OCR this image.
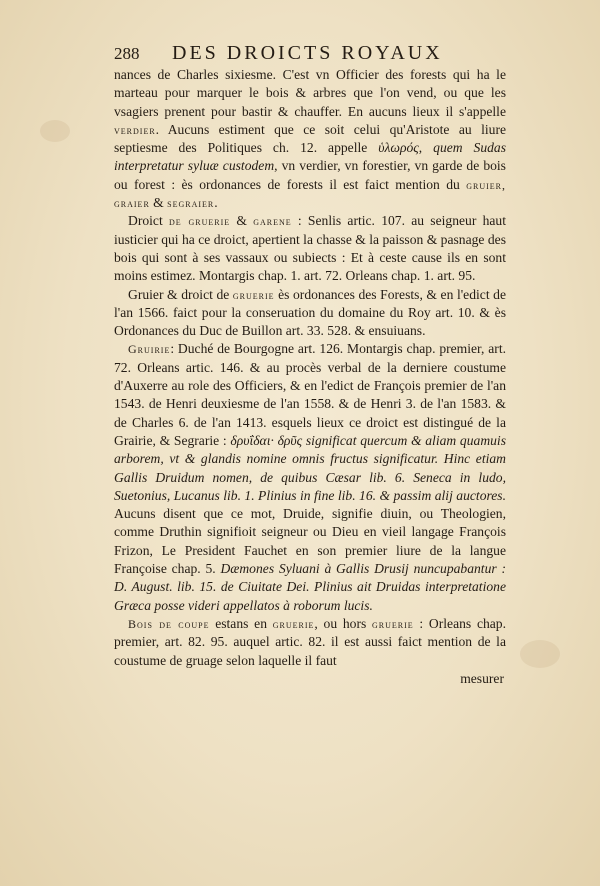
288 DES DROICTS ROYAUX

nances de Charles sixiesme. C'est vn Officier des forests qui ha le marteau pour marquer le bois & arbres que l'on vend, ou que les vsagiers prenent pour bastir & chauffer. En aucuns lieux il s'appelle verdier. Aucuns estiment que ce soit celui qu'Aristote au liure septiesme des Politiques ch. 12. appelle ὑλωρός, quem Sudas interpretatur syluæ custodem, vn verdier, vn forestier, vn garde de bois ou forest : ès ordonances de forests il est faict mention du gruier, graier & segraier.

Droict de gruerie & garene : Senlis artic. 107. au seigneur haut iusticier qui ha ce droict, apertient la chasse & la paisson & pasnage des bois qui sont à ses vassaux ou subiects : Et à ceste cause ils en sont moins estimez. Montargis chap. 1. art. 72. Orleans chap. 1. art. 95.

Gruier & droict de gruerie ès ordonances des Forests, & en l'edict de l'an 1566. faict pour la conseruation du domaine du Roy art. 10. & ès Ordonances du Duc de Buillon art. 33. 528. & ensuiuans.

Gruirie: Duché de Bourgogne art. 126. Montargis chap. premier, art. 72. Orleans artic. 146. & au procès verbal de la derniere coustume d'Auxerre au role des Officiers, & en l'edict de François premier de l'an 1543. de Henri deuxiesme de l'an 1558. & de Henri 3. de l'an 1583. & de Charles 6. de l'an 1413. esquels lieux ce droict est distingué de la Grairie, & Segrarie : δρυΐδαι· δρῦς significat quercum & aliam quamuis arborem, vt & glandis nomine omnis fructus significatur. Hinc etiam Gallis Druidum nomen, de quibus Cæsar lib. 6. Seneca in ludo, Suetonius, Lucanus lib. 1. Plinius in fine lib. 16. & passim alij auctores. Aucuns disent que ce mot, Druide, signifie diuin, ou Theologien, comme Druthin signifioit seigneur ou Dieu en vieil langage François Frizon, Le President Fauchet en son premier liure de la langue Françoise chap. 5. Dæmones Syluani à Gallis Drusij nuncupabantur : D. August. lib. 15. de Ciuitate Dei. Plinius ait Druidas interpretatione Græca posse videri appellatos à roborum lucis.

Bois de coupe estans en gruerie, ou hors gruerie : Orleans chap. premier, art. 82. 95. auquel artic. 82. il est aussi faict mention de la coustume de gruage selon laquelle il faut
mesurer
